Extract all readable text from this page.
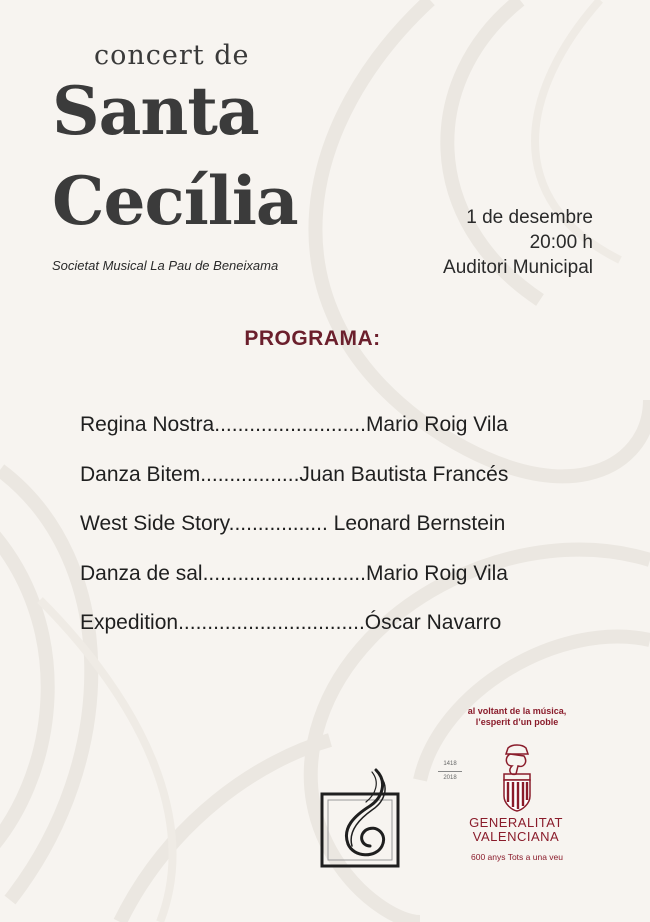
concert de
Santa
Cecília
Societat Musical La Pau de Beneixama
1 de desembre
20:00 h
Auditori Municipal
PROGRAMA:
Regina Nostra..........................Mario Roig Vila
Danza Bitem.................Juan Bautista Francés
West Side Story................. Leonard Bernstein
Danza de sal............................Mario Roig Vila
Expedition................................Óscar Navarro
al voltant de la música,
l’esperit d’un poble
1418
2018
GENERALITAT
VALENCIANA
600 anys Tots a una veu
